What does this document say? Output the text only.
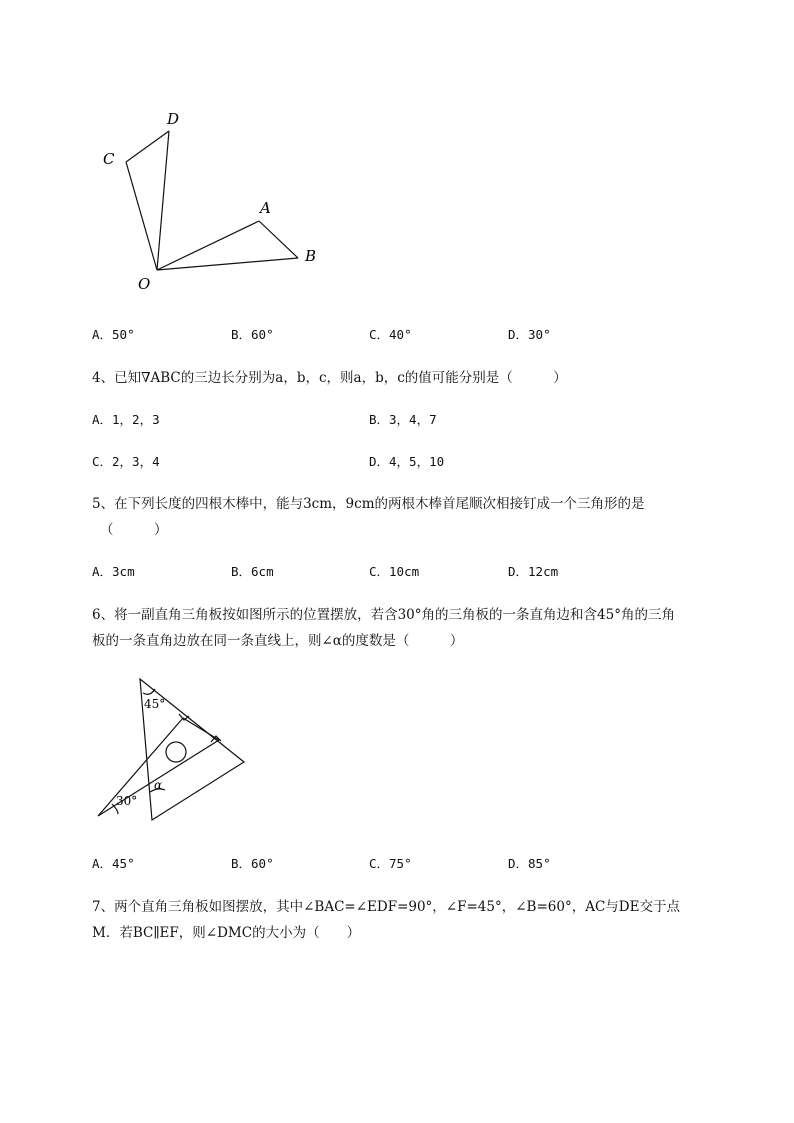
D
C
A
B
O
A．50°	B．60°	C．40°	D．30°
4、已知∇ABC的三边长分别为a，b，c，则a，b，c的值可能分别是（　　　）
A．1，2，3	B．3，4，7
C．2，3，4	D．4，5，10
5、在下列长度的四根木棒中，能与3cm，9cm的两根木棒首尾顺次相接钉成一个三角形的是
（　　　）
A．3cm	B．6cm	C．10cm	D．12cm
6、将一副直角三角板按如图所示的位置摆放，若含30°角的三角板的一条直角边和含45°角的三角
板的一条直角边放在同一条直线上，则∠α的度数是（　　　）
45°
30°
α
A．45°	B．60°	C．75°	D．85°
7、两个直角三角板如图摆放，其中∠BAC=∠EDF=90°，∠F=45°，∠B=60°，AC与DE交于点
M．若BC∥EF，则∠DMC的大小为（　　）
